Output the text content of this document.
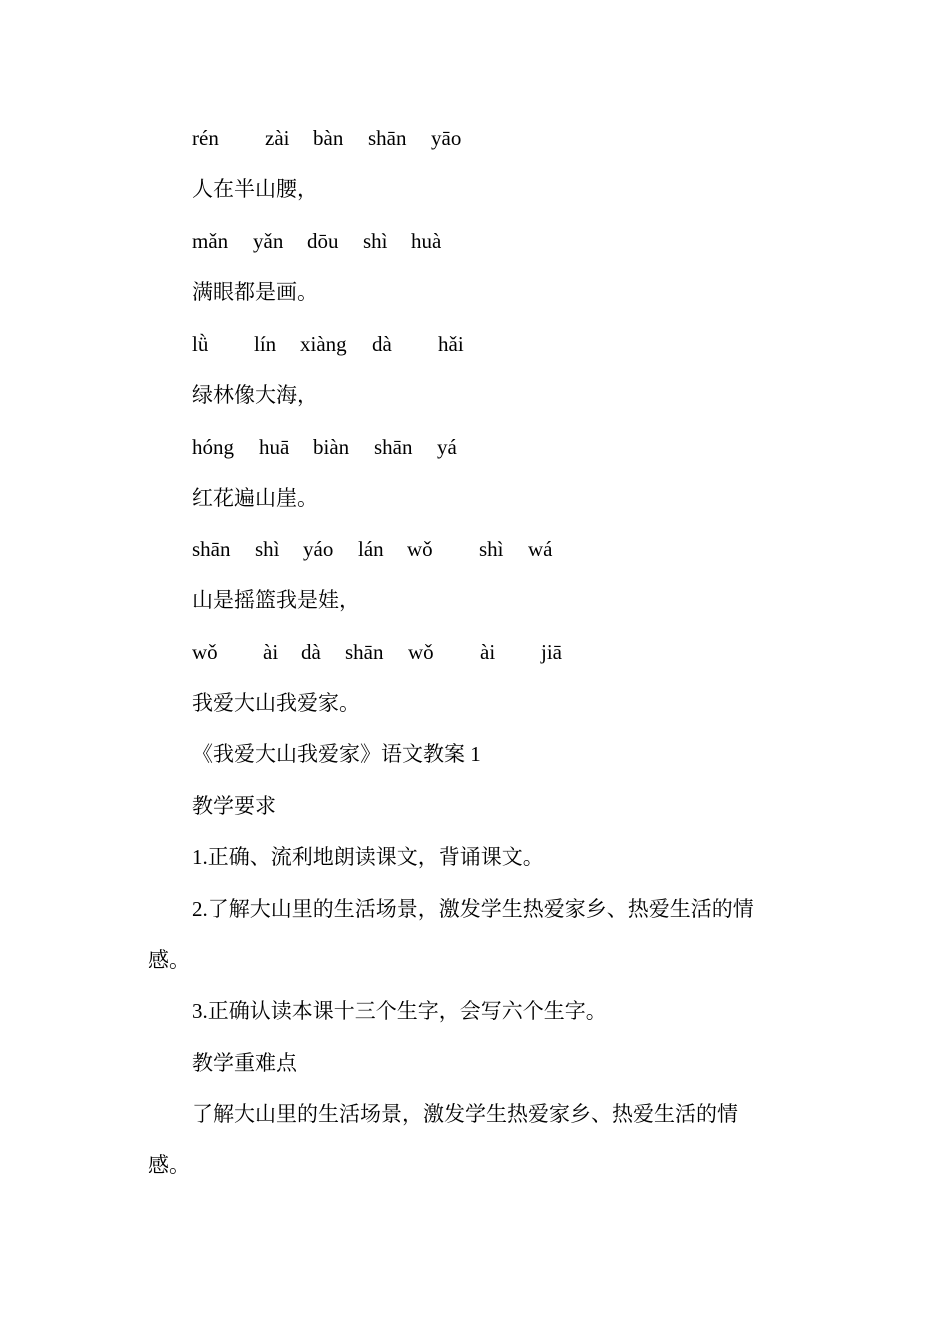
rén zài bàn shān yāo
人在半山腰，
mǎn yǎn dōu shì huà
满眼都是画。
lǜ lín xiàng dà hǎi
绿林像大海，
hóng huā biàn shān yá
红花遍山崖。
shān shì yáo lán wǒ shì wá
山是摇篮我是娃，
wǒ ài dà shān wǒ ài jiā
我爱大山我爱家。
《我爱大山我爱家》语文教案 1
教学要求
1.正确、流利地朗读课文，背诵课文。
2.了解大山里的生活场景，激发学生热爱家乡、热爱生活的情
感。
3.正确认读本课十三个生字，会写六个生字。
教学重难点
了解大山里的生活场景，激发学生热爱家乡、热爱生活的情
感。
